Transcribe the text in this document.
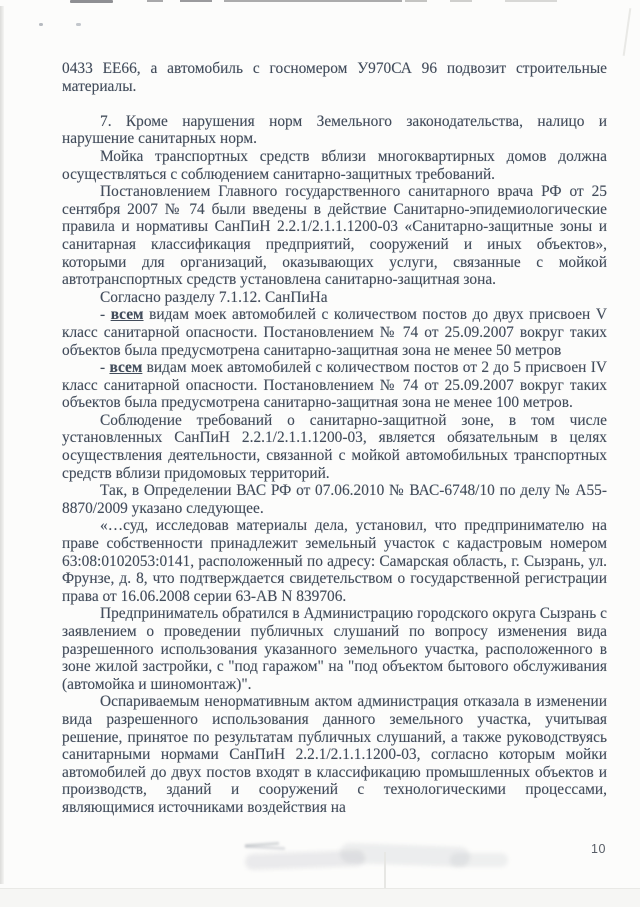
0433 ЕЕ66, а автомобиль с госномером У970СА 96 подвозит строительные материалы.

7. Кроме нарушения норм Земельного законодательства, налицо и нарушение санитарных норм.

Мойка транспортных средств вблизи многоквартирных домов должна осуществляться с соблюдением санитарно-защитных требований.

Постановлением Главного государственного санитарного врача РФ от 25 сентября 2007 № 74 были введены в действие Санитарно-эпидемиологические правила и нормативы СанПиН 2.2.1/2.1.1.1200-03 «Санитарно-защитные зоны и санитарная классификация предприятий, сооружений и иных объектов», которыми для организаций, оказывающих услуги, связанные с мойкой автотранспортных средств установлена санитарно-защитная зона.

Согласно разделу 7.1.12. СанПиНа

- всем видам моек автомобилей с количеством постов до двух присвоен V класс санитарной опасности. Постановлением № 74 от 25.09.2007 вокруг таких объектов была предусмотрена санитарно-защитная зона не менее 50 метров

- всем видам моек автомобилей с количеством постов от 2 до 5 присвоен IV класс санитарной опасности. Постановлением № 74 от 25.09.2007 вокруг таких объектов была предусмотрена санитарно-защитная зона не менее 100 метров.

Соблюдение требований о санитарно-защитной зоне, в том числе установленных СанПиН 2.2.1/2.1.1.1200-03, является обязательным в целях осуществления деятельности, связанной с мойкой автомобильных транспортных средств вблизи придомовых территорий.

Так, в Определении ВАС РФ от 07.06.2010 № ВАС-6748/10 по делу № А55-8870/2009 указано следующее.

«…суд, исследовав материалы дела, установил, что предпринимателю на праве собственности принадлежит земельный участок с кадастровым номером 63:08:0102053:0141, расположенный по адресу: Самарская область, г. Сызрань, ул. Фрунзе, д. 8, что подтверждается свидетельством о государственной регистрации права от 16.06.2008 серии 63-АВ N 839706.

Предприниматель обратился в Администрацию городского округа Сызрань с заявлением о проведении публичных слушаний по вопросу изменения вида разрешенного использования указанного земельного участка, расположенного в зоне жилой застройки, с "под гаражом" на "под объектом бытового обслуживания (автомойка и шиномонтаж)".

Оспариваемым ненормативным актом администрация отказала в изменении вида разрешенного использования данного земельного участка, учитывая решение, принятое по результатам публичных слушаний, а также руководствуясь санитарными нормами СанПиН 2.2.1/2.1.1.1200-03, согласно которым мойки автомобилей до двух постов входят в классификацию промышленных объектов и производств, зданий и сооружений с технологическими процессами, являющимися источниками воздействия на

10
